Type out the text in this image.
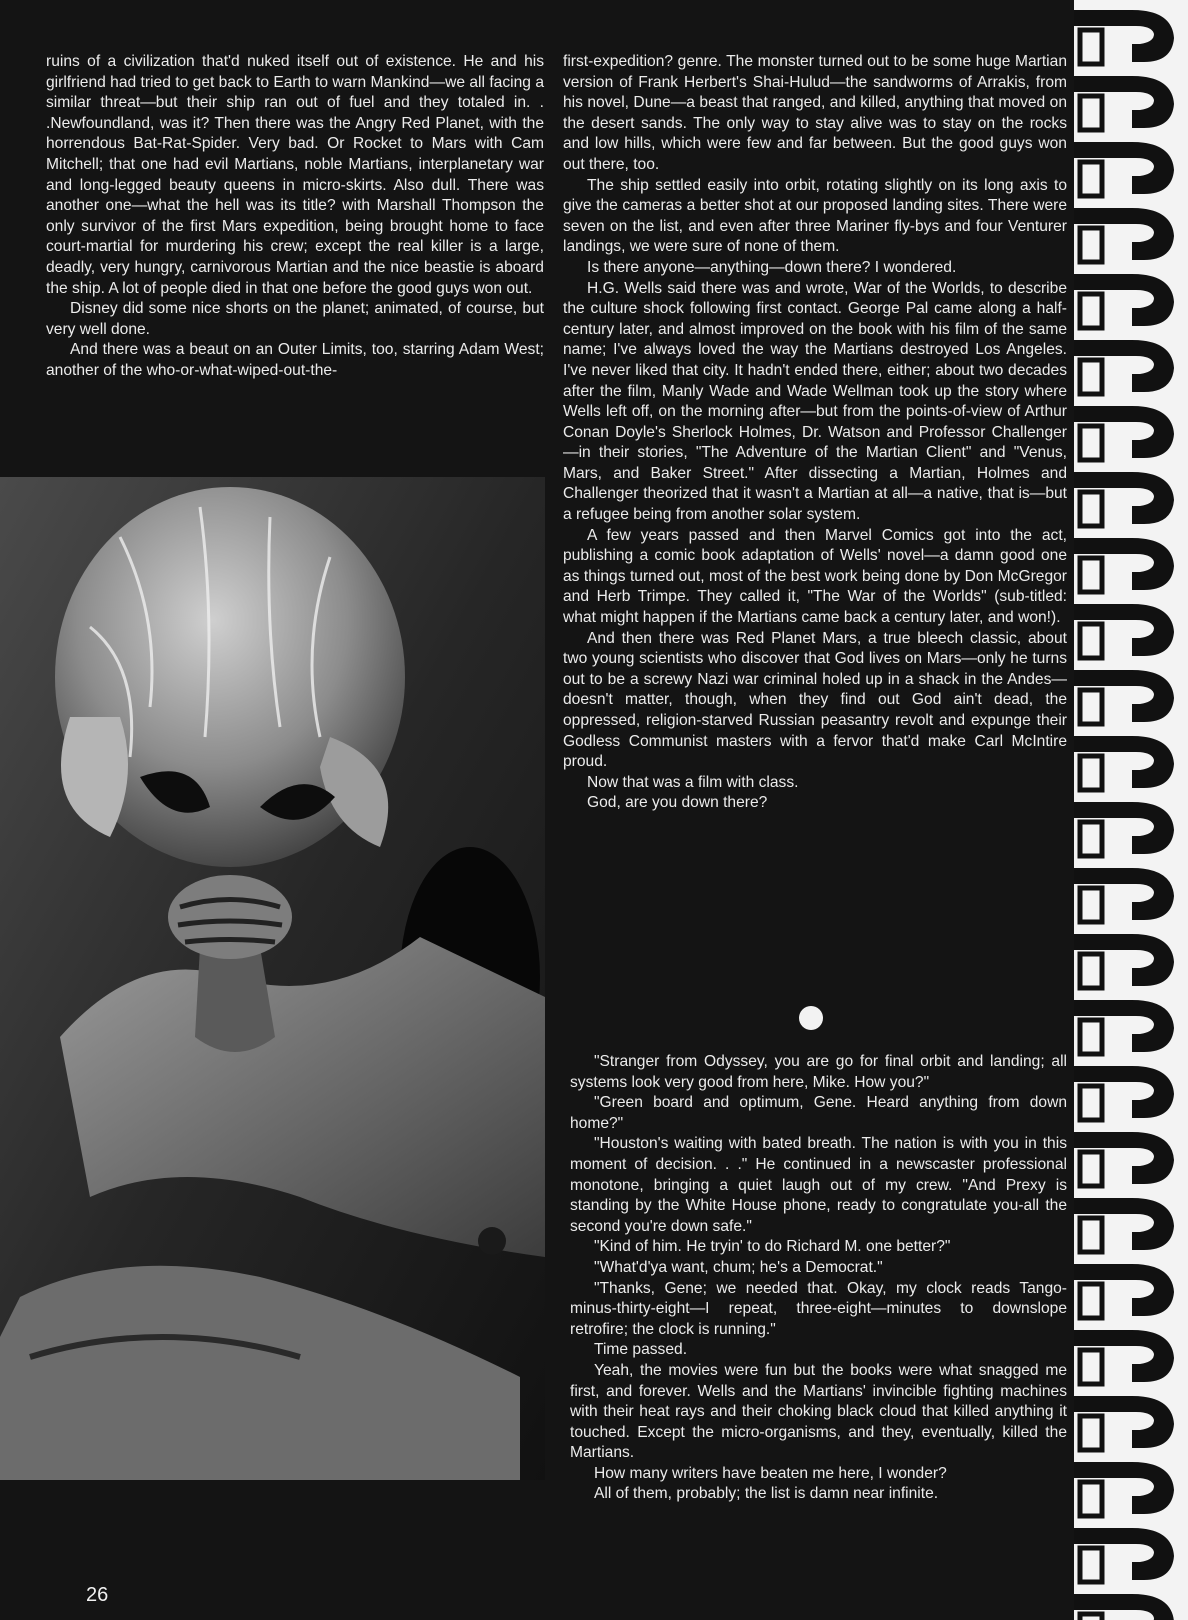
ruins of a civilization that'd nuked itself out of existence. He and his girlfriend had tried to get back to Earth to warn Mankind—we all facing a similar threat—but their ship ran out of fuel and they totaled in. . .Newfoundland, was it? Then there was the Angry Red Planet, with the horrendous Bat-Rat-Spider. Very bad. Or Rocket to Mars with Cam Mitchell; that one had evil Martians, noble Martians, interplanetary war and long-legged beauty queens in micro-skirts. Also dull. There was another one—what the hell was its title? with Marshall Thompson the only survivor of the first Mars expedition, being brought home to face court-martial for murdering his crew; except the real killer is a large, deadly, very hungry, carnivorous Martian and the nice beastie is aboard the ship. A lot of people died in that one before the good guys won out.

Disney did some nice shorts on the planet; animated, of course, but very well done.

And there was a beaut on an Outer Limits, too, starring Adam West; another of the who-or-what-wiped-out-the-

first-expedition? genre. The monster turned out to be some huge Martian version of Frank Herbert's Shai-Hulud—the sandworms of Arrakis, from his novel, Dune—a beast that ranged, and killed, anything that moved on the desert sands. The only way to stay alive was to stay on the rocks and low hills, which were few and far between. But the good guys won out there, too.

The ship settled easily into orbit, rotating slightly on its long axis to give the cameras a better shot at our proposed landing sites. There were seven on the list, and even after three Mariner fly-bys and four Venturer landings, we were sure of none of them.

Is there anyone—anything—down there? I wondered.

H.G. Wells said there was and wrote, War of the Worlds, to describe the culture shock following first contact. George Pal came along a half-century later, and almost improved on the book with his film of the same name; I've always loved the way the Martians destroyed Los Angeles. I've never liked that city. It hadn't ended there, either; about two decades after the film, Manly Wade and Wade Wellman took up the story where Wells left off, on the morning after—but from the points-of-view of Arthur Conan Doyle's Sherlock Holmes, Dr. Watson and Professor Challenger—in their stories, "The Adventure of the Martian Client" and "Venus, Mars, and Baker Street." After dissecting a Martian, Holmes and Challenger theorized that it wasn't a Martian at all—a native, that is—but a refugee being from another solar system.

A few years passed and then Marvel Comics got into the act, publishing a comic book adaptation of Wells' novel—a damn good one as things turned out, most of the best work being done by Don McGregor and Herb Trimpe. They called it, "The War of the Worlds" (sub-titled: what might happen if the Martians came back a century later, and won!).

And then there was Red Planet Mars, a true bleech classic, about two young scientists who discover that God lives on Mars—only he turns out to be a screwy Nazi war criminal holed up in a shack in the Andes—doesn't matter, though, when they find out God ain't dead, the oppressed, religion-starved Russian peasantry revolt and expunge their Godless Communist masters with a fervor that'd make Carl McIntire proud.

Now that was a film with class.

God, are you down there?

"Stranger from Odyssey, you are go for final orbit and landing; all systems look very good from here, Mike. How you?"

"Green board and optimum, Gene. Heard anything from down home?"

"Houston's waiting with bated breath. The nation is with you in this moment of decision. . ." He continued in a newscaster professional monotone, bringing a quiet laugh out of my crew. "And Prexy is standing by the White House phone, ready to congratulate you-all the second you're down safe."

"Kind of him. He tryin' to do Richard M. one better?"

"What'd'ya want, chum; he's a Democrat."

"Thanks, Gene; we needed that. Okay, my clock reads Tango-minus-thirty-eight—I repeat, three-eight—minutes to downslope retrofire; the clock is running."

Time passed.

Yeah, the movies were fun but the books were what snagged me first, and forever. Wells and the Martians' invincible fighting machines with their heat rays and their choking black cloud that killed anything it touched. Except the micro-organisms, and they, eventually, killed the Martians.

How many writers have beaten me here, I wonder?

All of them, probably; the list is damn near infinite.

26
